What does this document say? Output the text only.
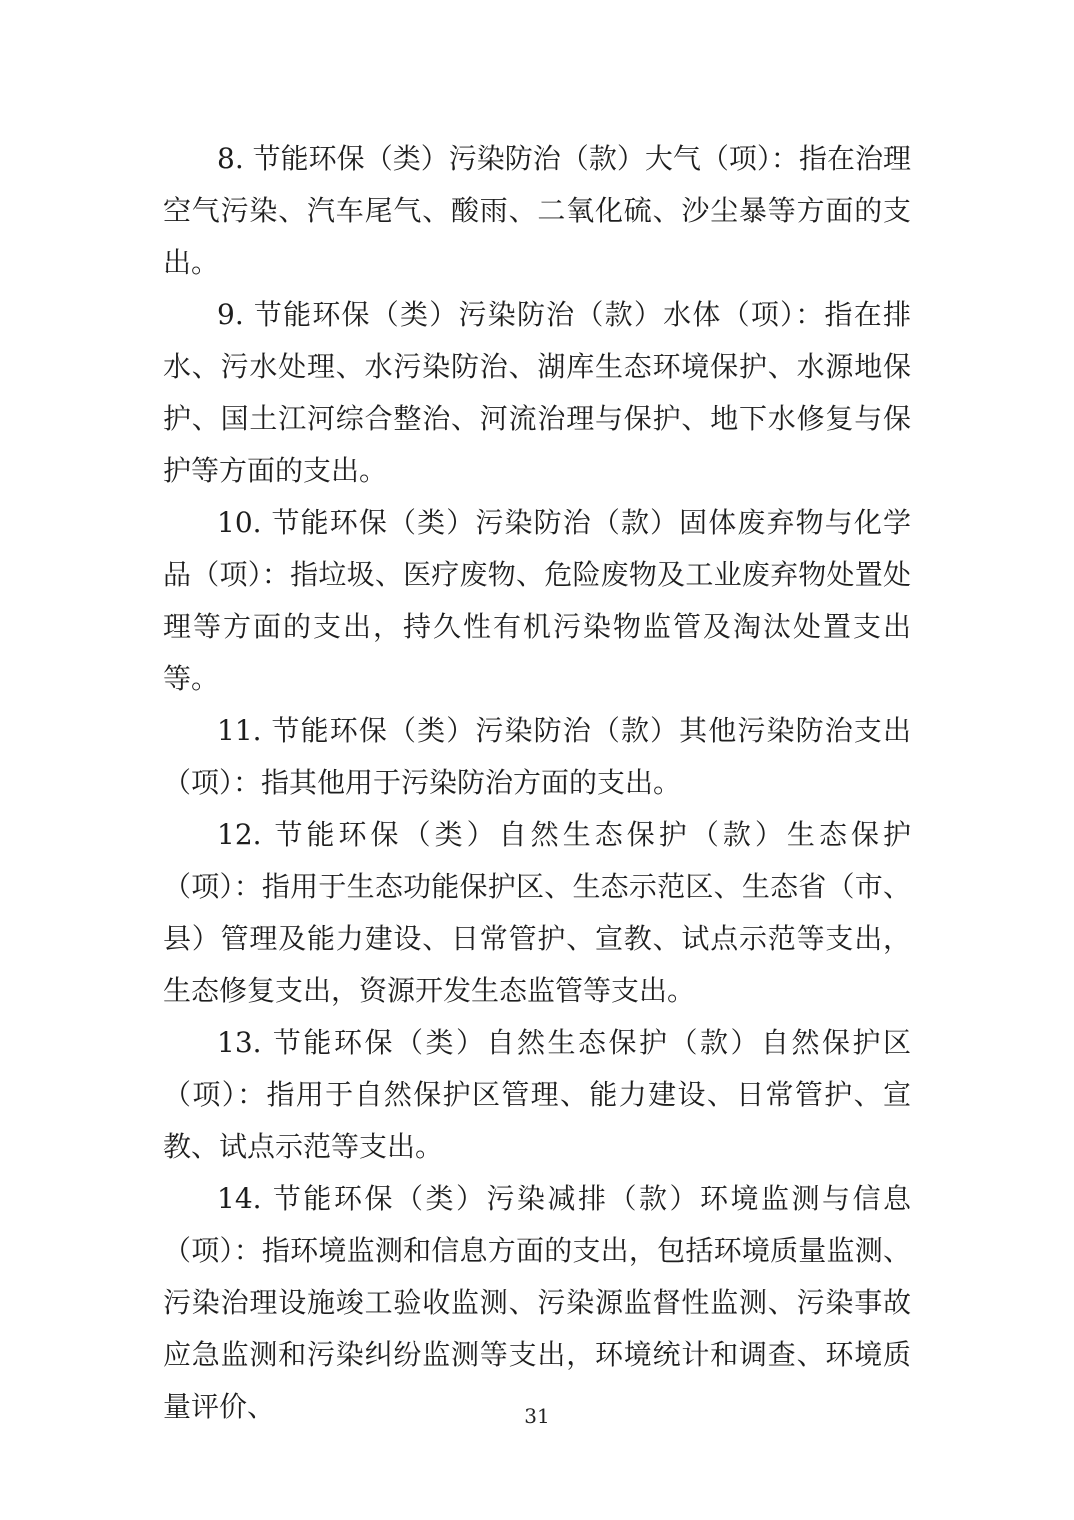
8. 节能环保（类）污染防治（款）大气（项）：指在治理空气污染、汽车尾气、酸雨、二氧化硫、沙尘暴等方面的支出。

9. 节能环保（类）污染防治（款）水体（项）：指在排水、污水处理、水污染防治、湖库生态环境保护、水源地保护、国土江河综合整治、河流治理与保护、地下水修复与保护等方面的支出。

10. 节能环保（类）污染防治（款）固体废弃物与化学品（项）：指垃圾、医疗废物、危险废物及工业废弃物处置处理等方面的支出，持久性有机污染物监管及淘汰处置支出等。

11. 节能环保（类）污染防治（款）其他污染防治支出（项）：指其他用于污染防治方面的支出。

12. 节能环保（类）自然生态保护（款）生态保护（项）：指用于生态功能保护区、生态示范区、生态省（市、县）管理及能力建设、日常管护、宣教、试点示范等支出，生态修复支出，资源开发生态监管等支出。

13. 节能环保（类）自然生态保护（款）自然保护区（项）：指用于自然保护区管理、能力建设、日常管护、宣教、试点示范等支出。

14. 节能环保（类）污染减排（款）环境监测与信息（项）：指环境监测和信息方面的支出，包括环境质量监测、污染治理设施竣工验收监测、污染源监督性监测、污染事故应急监测和污染纠纷监测等支出，环境统计和调查、环境质量评价、	31
